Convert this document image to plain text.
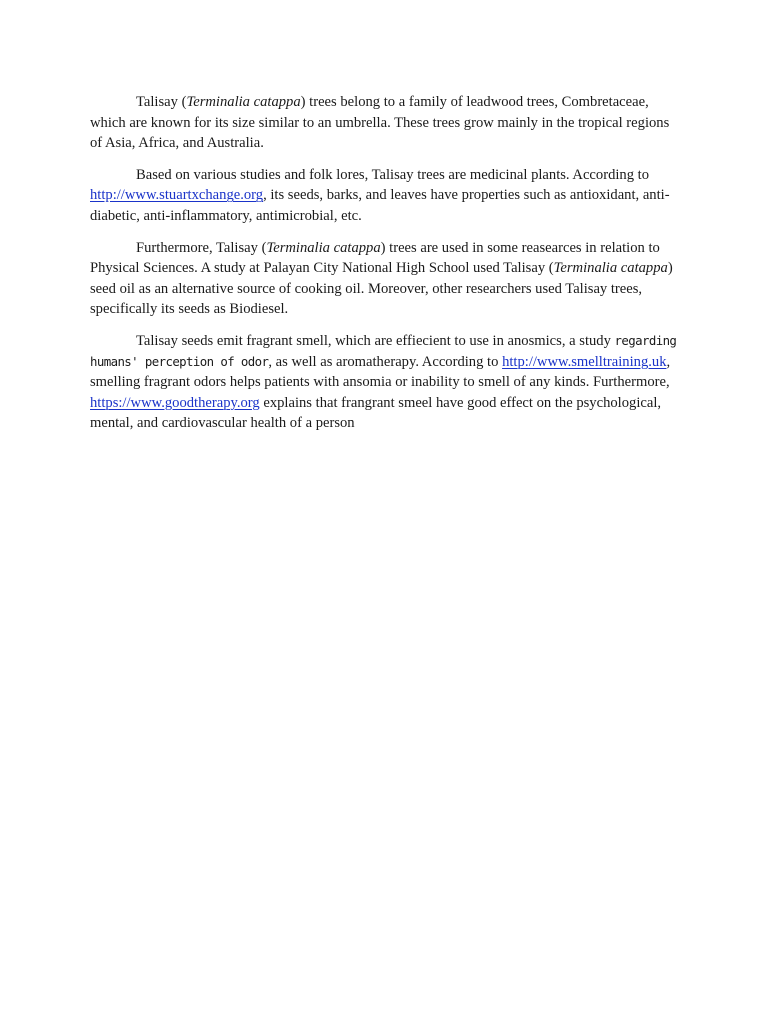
Talisay (Terminalia catappa) trees belong to a family of leadwood trees, Combretaceae, which are known for its size similar to an umbrella. These trees grow mainly in the tropical regions of Asia, Africa, and Australia.

Based on various studies and folk lores, Talisay trees are medicinal plants. According to http://www.stuartxchange.org, its seeds, barks, and leaves have properties such as antioxidant, anti-diabetic, anti-inflammatory, antimicrobial, etc.

Furthermore, Talisay (Terminalia catappa) trees are used in some reasearces in relation to Physical Sciences. A study at Palayan City National High School used Talisay (Terminalia catappa) seed oil as an alternative source of cooking oil. Moreover, other researchers used Talisay trees, specifically its seeds as Biodiesel.

Talisay seeds emit fragrant smell, which are effiecient to use in anosmics, a study regarding humans' perception of odor, as well as aromatherapy. According to http://www.smelltraining.uk, smelling fragrant odors helps patients with ansomia or inability to smell of any kinds. Furthermore, https://www.goodtherapy.org explains that frangrant smeel have good effect on the psychological, mental, and cardiovascular health of a person
